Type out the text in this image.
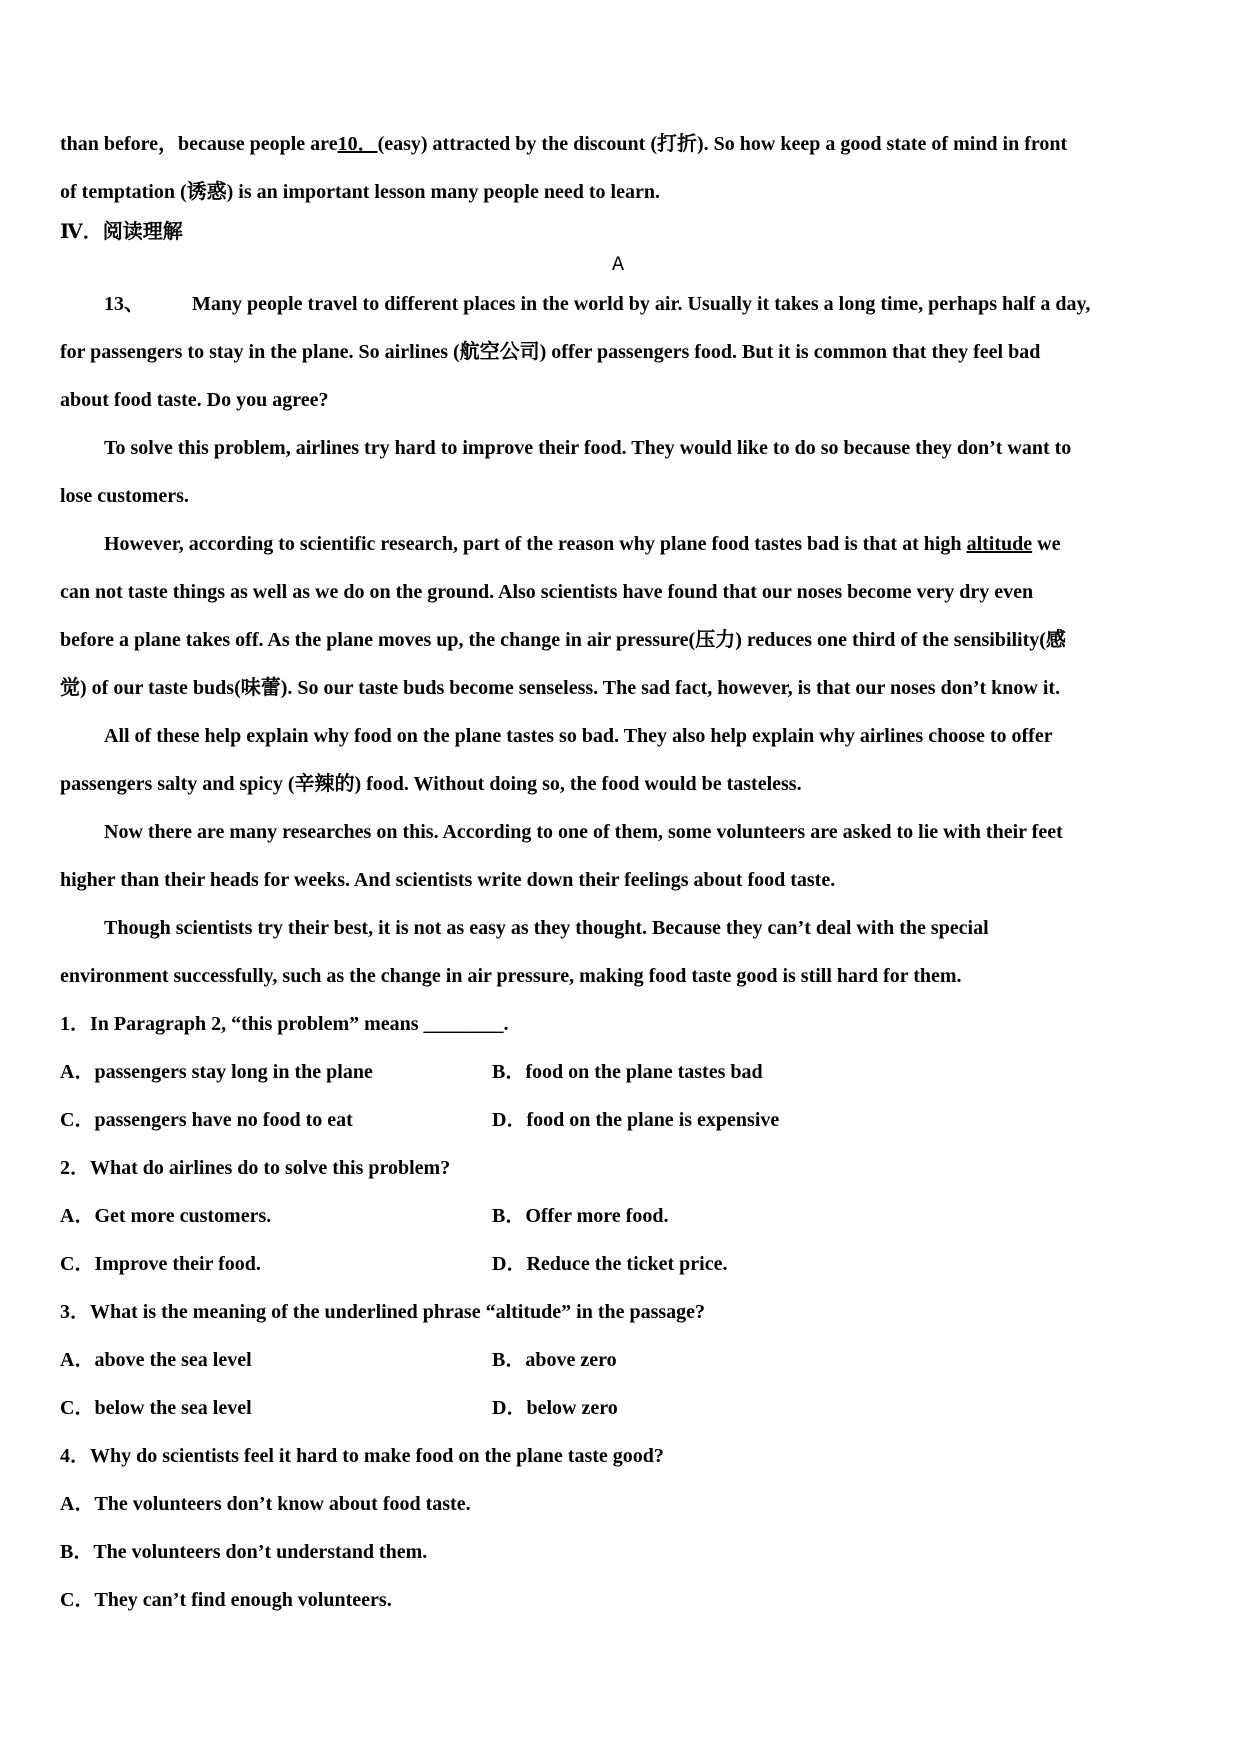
than before，because people are10．(easy) attracted by the discount (打折). So how keep a good state of mind in front
of temptation (诱惑) is an important lesson many people need to learn.
Ⅳ．阅读理解
A
13、 Many people travel to different places in the world by air. Usually it takes a long time, perhaps half a day,
for passengers to stay in the plane. So airlines (航空公司) offer passengers food. But it is common that they feel bad
about food taste. Do you agree?
To solve this problem, airlines try hard to improve their food. They would like to do so because they don’t want to
lose customers.
However, according to scientific research, part of the reason why plane food tastes bad is that at high altitude we
can not taste things as well as we do on the ground. Also scientists have found that our noses become very dry even
before a plane takes off. As the plane moves up, the change in air pressure(压力) reduces one third of the sensibility(感
觉) of our taste buds(味蕾). So our taste buds become senseless. The sad fact, however, is that our noses don’t know it.
All of these help explain why food on the plane tastes so bad. They also help explain why airlines choose to offer
passengers salty and spicy (辛辣的) food. Without doing so, the food would be tasteless.
Now there are many researches on this. According to one of them, some volunteers are asked to lie with their feet
higher than their heads for weeks. And scientists write down their feelings about food taste.
Though scientists try their best, it is not as easy as they thought. Because they can’t deal with the special
environment successfully, such as the change in air pressure, making food taste good is still hard for them.
1．In Paragraph 2, “this problem” means ________.
A．passengers stay long in the plane	B．food on the plane tastes bad
C．passengers have no food to eat	D．food on the plane is expensive
2．What do airlines do to solve this problem?
A．Get more customers.	B．Offer more food.
C．Improve their food.	D．Reduce the ticket price.
3．What is the meaning of the underlined phrase “altitude” in the passage?
A．above the sea level	B．above zero
C．below the sea level	D．below zero
4．Why do scientists feel it hard to make food on the plane taste good?
A．The volunteers don’t know about food taste.
B．The volunteers don’t understand them.
C．They can’t find enough volunteers.
